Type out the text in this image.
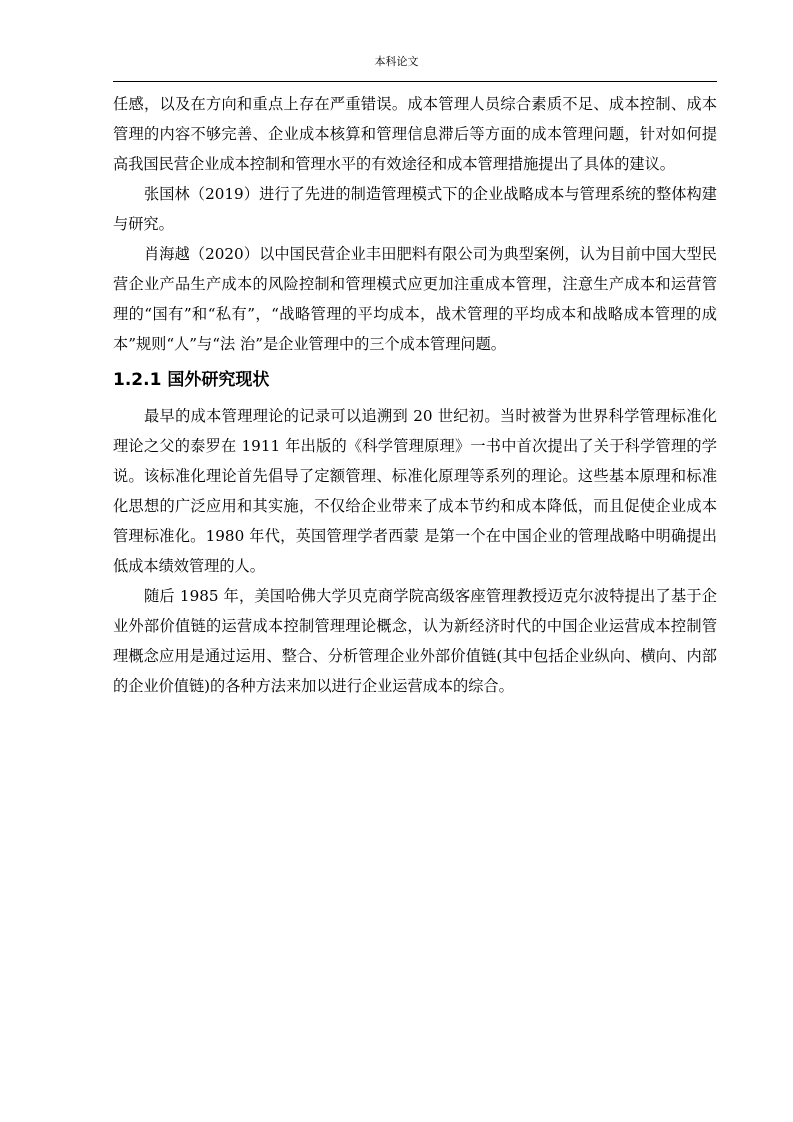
本科论文

任感，以及在方向和重点上存在严重错误。成本管理人员综合素质不足、成本控制、成本管理的内容不够完善、企业成本核算和管理信息滞后等方面的成本管理问题，针对如何提高我国民营企业成本控制和管理水平的有效途径和成本管理措施提出了具体的建议。

张国林（2019）进行了先进的制造管理模式下的企业战略成本与管理系统的整体构建与研究。

肖海越（2020）以中国民营企业丰田肥料有限公司为典型案例，认为目前中国大型民营企业产品生产成本的风险控制和管理模式应更加注重成本管理，注意生产成本和运营管理的“国有”和“私有”，“战略管理的平均成本，战术管理的平均成本和战略成本管理的成本”规则“人”与“法 治”是企业管理中的三个成本管理问题。

1.2.1 国外研究现状

最早的成本管理理论的记录可以追溯到 20 世纪初。当时被誉为世界科学管理标准化理论之父的泰罗在 1911 年出版的《科学管理原理》一书中首次提出了关于科学管理的学说。该标准化理论首先倡导了定额管理、标准化原理等系列的理论。这些基本原理和标准化思想的广泛应用和其实施，不仅给企业带来了成本节约和成本降低，而且促使企业成本管理标准化。1980 年代，英国管理学者西蒙 是第一个在中国企业的管理战略中明确提出低成本绩效管理的人。

随后 1985 年，美国哈佛大学贝克商学院高级客座管理教授迈克尔波特提出了基于企业外部价值链的运营成本控制管理理论概念，认为新经济时代的中国企业运营成本控制管理概念应用是通过运用、整合、分析管理企业外部价值链(其中包括企业纵向、横向、内部的企业价值链)的各种方法来加以进行企业运营成本的综合。
